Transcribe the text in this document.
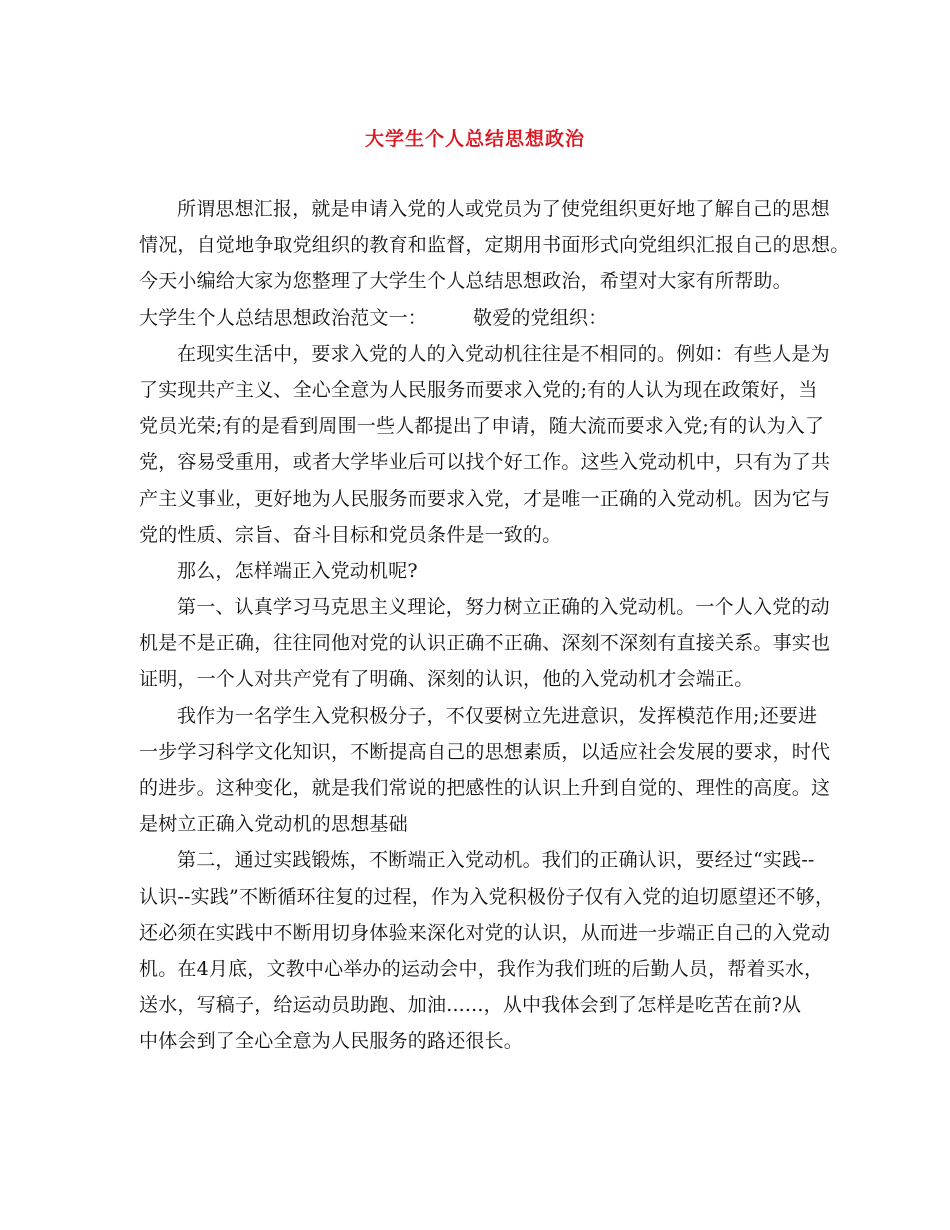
大学生个人总结思想政治
所谓思想汇报，就是申请入党的人或党员为了使党组织更好地了解自己的思想
情况，自觉地争取党组织的教育和监督，定期用书面形式向党组织汇报自己的思想。
今天小编给大家为您整理了大学生个人总结思想政治，希望对大家有所帮助。
大学生个人总结思想政治范文一： 敬爱的党组织：
在现实生活中，要求入党的人的入党动机往往是不相同的。例如：有些人是为
了实现共产主义、全心全意为人民服务而要求入党的;有的人认为现在政策好，当
党员光荣;有的是看到周围一些人都提出了申请，随大流而要求入党;有的认为入了
党，容易受重用，或者大学毕业后可以找个好工作。这些入党动机中，只有为了共
产主义事业，更好地为人民服务而要求入党，才是唯一正确的入党动机。因为它与
党的性质、宗旨、奋斗目标和党员条件是一致的。
那么，怎样端正入党动机呢?
第一、认真学习马克思主义理论，努力树立正确的入党动机。一个人入党的动
机是不是正确，往往同他对党的认识正确不正确、深刻不深刻有直接关系。事实也
证明，一个人对共产党有了明确、深刻的认识，他的入党动机才会端正。
我作为一名学生入党积极分子，不仅要树立先进意识，发挥模范作用;还要进
一步学习科学文化知识，不断提高自己的思想素质，以适应社会发展的要求，时代
的进步。这种变化，就是我们常说的把感性的认识上升到自觉的、理性的高度。这
是树立正确入党动机的思想基础
第二，通过实践锻炼，不断端正入党动机。我们的正确认识，要经过“实践--
认识--实践”不断循环往复的过程，作为入党积极份子仅有入党的迫切愿望还不够，
还必须在实践中不断用切身体验来深化对党的认识，从而进一步端正自己的入党动
机。在4月底，文教中心举办的运动会中，我作为我们班的后勤人员，帮着买水，
送水，写稿子，给运动员助跑、加油......，从中我体会到了怎样是吃苦在前?从
中体会到了全心全意为人民服务的路还很长。
